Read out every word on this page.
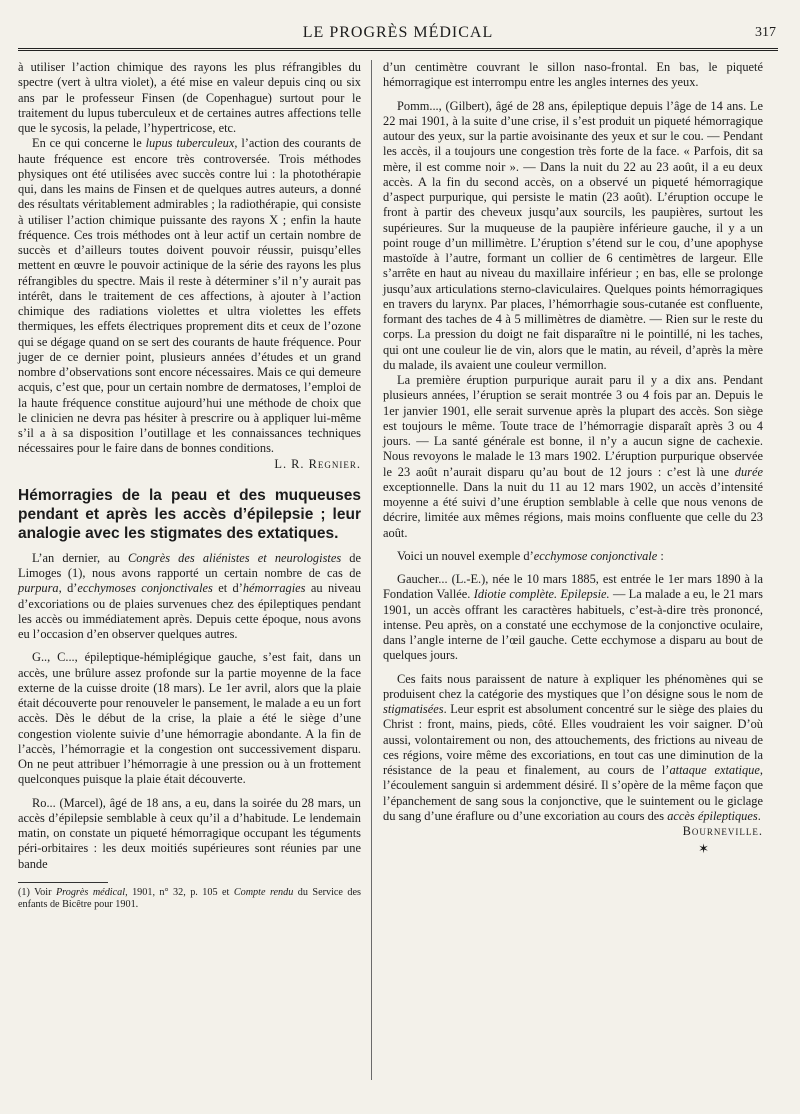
LE PROGRÈS MÉDICAL	317

à utiliser l’action chimique des rayons les plus réfrangibles du spectre (vert à ultra violet), a été mise en valeur depuis cinq ou six ans par le professeur Finsen (de Copenhague) surtout pour le traitement du lupus tuberculeux et de certaines autres affections telle que le sycosis, la pelade, l’hypertricose, etc.

En ce qui concerne le lupus tuberculeux, l’action des courants de haute fréquence est encore très controversée. Trois méthodes physiques ont été utilisées avec succès contre lui : la photothérapie qui, dans les mains de Finsen et de quelques autres auteurs, a donné des résultats véritablement admirables ; la radiothérapie, qui consiste à utiliser l’action chimique puissante des rayons X ; enfin la haute fréquence. Ces trois méthodes ont à leur actif un certain nombre de succès et d’ailleurs toutes doivent pouvoir réussir, puisqu’elles mettent en œuvre le pouvoir actinique de la série des rayons les plus réfrangibles du spectre. Mais il reste à déterminer s’il n’y aurait pas intérêt, dans le traitement de ces affections, à ajouter à l’action chimique des radiations violettes et ultra violettes les effets thermiques, les effets électriques proprement dits et ceux de l’ozone qui se dégage quand on se sert des courants de haute fréquence. Pour juger de ce dernier point, plusieurs années d’études et un grand nombre d’observations sont encore nécessaires. Mais ce qui demeure acquis, c’est que, pour un certain nombre de dermatoses, l’emploi de la haute fréquence constitue aujourd’hui une méthode de choix que le clinicien ne devra pas hésiter à prescrire ou à appliquer lui-même s’il a à sa disposition l’outillage et les connaissances techniques nécessaires pour le faire dans de bonnes conditions.

L. R. Regnier.

Hémorragies de la peau et des muqueuses pendant et après les accès d’épilepsie ; leur analogie avec les stigmates des extatiques.

L’an dernier, au Congrès des aliénistes et neurologistes de Limoges (1), nous avons rapporté un certain nombre de cas de purpura, d’ecchymoses conjonctivales et d’hémorragies au niveau d’excoriations ou de plaies survenues chez des épileptiques pendant les accès ou immédiatement après. Depuis cette époque, nous avons eu l’occasion d’en observer quelques autres.

G.., C..., épileptique-hémiplégique gauche, s’est fait, dans un accès, une brûlure assez profonde sur la partie moyenne de la face externe de la cuisse droite (18 mars). Le 1er avril, alors que la plaie était découverte pour renouveler le pansement, le malade a eu un fort accès. Dès le début de la crise, la plaie a été le siège d’une congestion violente suivie d’une hémorragie abondante. A la fin de l’accès, l’hémorragie et la congestion ont successivement disparu. On ne peut attribuer l’hémorragie à une pression ou à un frottement quelconques puisque la plaie était découverte.

Ro... (Marcel), âgé de 18 ans, a eu, dans la soirée du 28 mars, un accès d’épilepsie semblable à ceux qu’il a d’habitude. Le lendemain matin, on constate un piqueté hémorragique occupant les téguments péri-orbitaires : les deux moitiés supérieures sont réunies par une bande

(1) Voir Progrès médical, 1901, n° 32, p. 105 et Compte rendu du Service des enfants de Bicêtre pour 1901.

d’un centimètre couvrant le sillon naso-frontal. En bas, le piqueté hémorragique est interrompu entre les angles internes des yeux.

Pomm..., (Gilbert), âgé de 28 ans, épileptique depuis l’âge de 14 ans. Le 22 mai 1901, à la suite d’une crise, il s’est produit un piqueté hémorragique autour des yeux, sur la partie avoisinante des yeux et sur le cou. — Pendant les accès, il a toujours une congestion très forte de la face. « Parfois, dit sa mère, il est comme noir ». — Dans la nuit du 22 au 23 août, il a eu deux accès. A la fin du second accès, on a observé un piqueté hémorragique d’aspect purpurique, qui persiste le matin (23 août). L’éruption occupe le front à partir des cheveux jusqu’aux sourcils, les paupières, surtout les supérieures. Sur la muqueuse de la paupière inférieure gauche, il y a un point rouge d’un millimètre. L’éruption s’étend sur le cou, d’une apophyse mastoïde à l’autre, formant un collier de 6 centimètres de largeur. Elle s’arrête en haut au niveau du maxillaire inférieur ; en bas, elle se prolonge jusqu’aux articulations sterno-claviculaires. Quelques points hémorragiques en travers du larynx. Par places, l’hémorrhagie sous-cutanée est confluente, formant des taches de 4 à 5 millimètres de diamètre. — Rien sur le reste du corps. La pression du doigt ne fait disparaître ni le pointillé, ni les taches, qui ont une couleur lie de vin, alors que le matin, au réveil, d’après la mère du malade, ils avaient une couleur vermillon.

La première éruption purpurique aurait paru il y a dix ans. Pendant plusieurs années, l’éruption se serait montrée 3 ou 4 fois par an. Depuis le 1er janvier 1901, elle serait survenue après la plupart des accès. Son siège est toujours le même. Toute trace de l’hémorragie disparaît après 3 ou 4 jours. — La santé générale est bonne, il n’y a aucun signe de cachexie. Nous revoyons le malade le 13 mars 1902. L’éruption purpurique observée le 23 août n’aurait disparu qu’au bout de 12 jours : c’est là une durée exceptionnelle. Dans la nuit du 11 au 12 mars 1902, un accès d’intensité moyenne a été suivi d’une éruption semblable à celle que nous venons de décrire, limitée aux mêmes régions, mais moins confluente que celle du 23 août.

Voici un nouvel exemple d’ecchymose conjonctivale :

Gaucher... (L.-E.), née le 10 mars 1885, est entrée le 1er mars 1890 à la Fondation Vallée. Idiotie complète. Epilepsie. — La malade a eu, le 21 mars 1901, un accès offrant les caractères habituels, c’est-à-dire très prononcé, intense. Peu après, on a constaté une ecchymose de la conjonctive oculaire, dans l’angle interne de l’œil gauche. Cette ecchymose a disparu au bout de quelques jours.

Ces faits nous paraissent de nature à expliquer les phénomènes qui se produisent chez la catégorie des mystiques que l’on désigne sous le nom de stigmatisées. Leur esprit est absolument concentré sur le siège des plaies du Christ : front, mains, pieds, côté. Elles voudraient les voir saigner. D’où aussi, volontairement ou non, des attouchements, des frictions au niveau de ces régions, voire même des excoriations, en tout cas une diminution de la résistance de la peau et finalement, au cours de l’attaque extatique, l’écoulement sanguin si ardemment désiré. Il s’opère de la même façon que l’épanchement de sang sous la conjonctive, que le suintement ou le giclage du sang d’une éraflure ou d’une excoriation au cours des accès épileptiques.

Bourneville.

✶
